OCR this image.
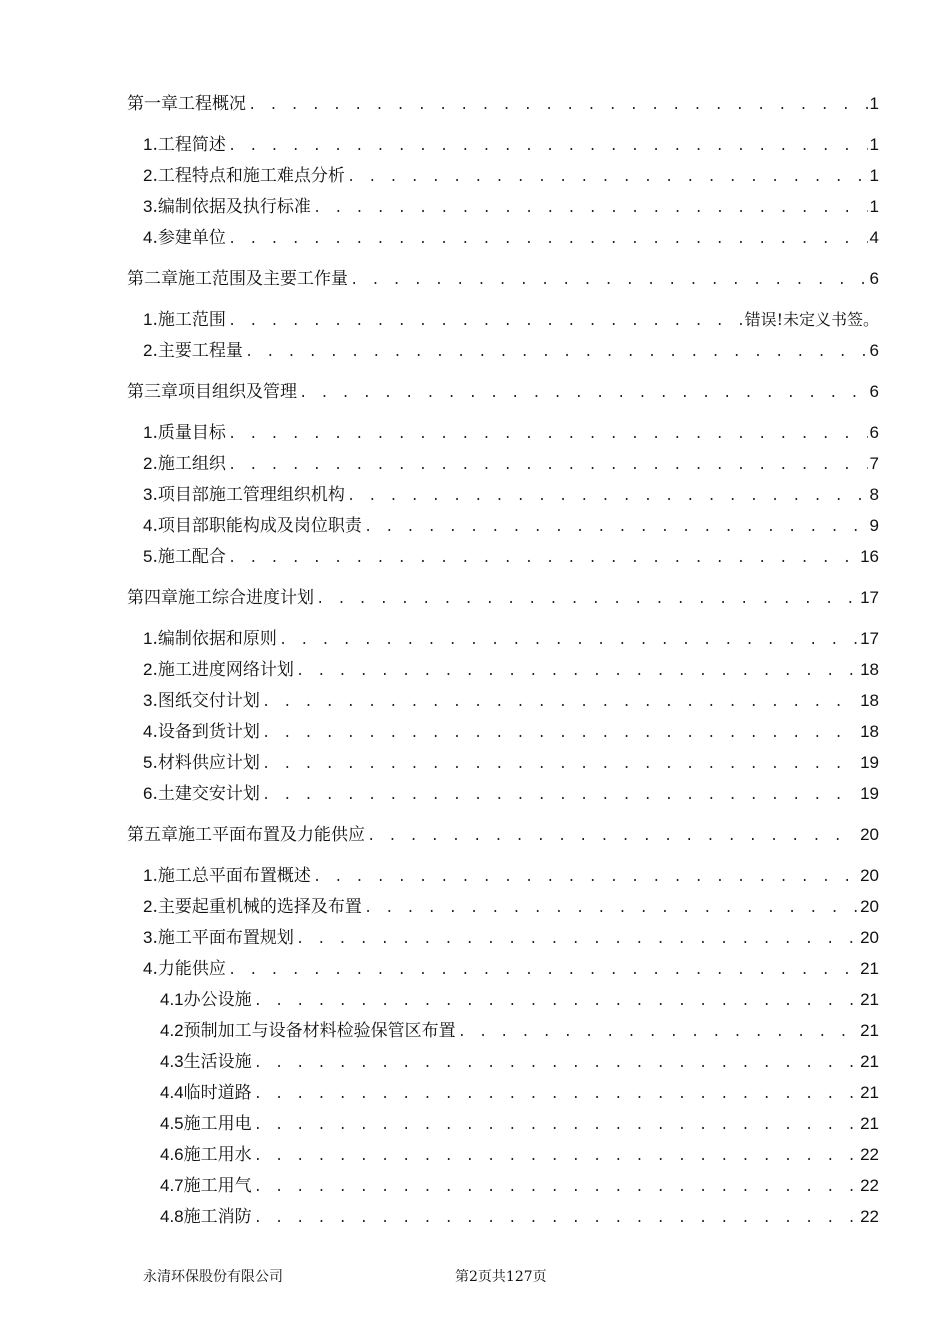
第一章工程概况 . . .	1
1 .工程简述 . . .	1
2 .工程特点和施工难点分析 . . .	1
3 .编制依据及执行标准 . . .	1
4 .参建单位 . . .	4
第二章施工范围及主要工作量 . . .	6
1 .施工范围 . . .	错误!未定义书签。
2 .主要工程量 . . .	6
第三章项目组织及管理 . . .	6
1 .质量目标 . . .	6
2 .施工组织 . . .	7
3 .项目部施工管理组织机构 . . .	8
4 .项目部职能构成及岗位职责 . . .	9
5 .施工配合 . . .	16
第四章施工综合进度计划 . . .	17
1 .编制依据和原则 . . .	17
2 .施工进度网络计划 . . .	18
3 .图纸交付计划 . . .	18
4 .设备到货计划 . . .	18
5 .材料供应计划 . . .	19
6 .土建交安计划 . . .	19
第五章施工平面布置及力能供应 . . .	20
1 .施工总平面布置概述 . . .	20
2 .主要起重机械的选择及布置 . . .	20
3 .施工平面布置规划 . . .	20
4 .力能供应 . . .	21
4.1 办公设施 . . .	21
4.2 预制加工与设备材料检验保管区布置 . . .	21
4.3 生活设施 . . .	21
4.4 临时道路 . . .	21
4.5 施工用电 . . .	21
4.6 施工用水 . . .	22
4.7 施工用气 . . .	22
4.8 施工消防 . . .	22
永清环保股份有限公司	第2页共127页
